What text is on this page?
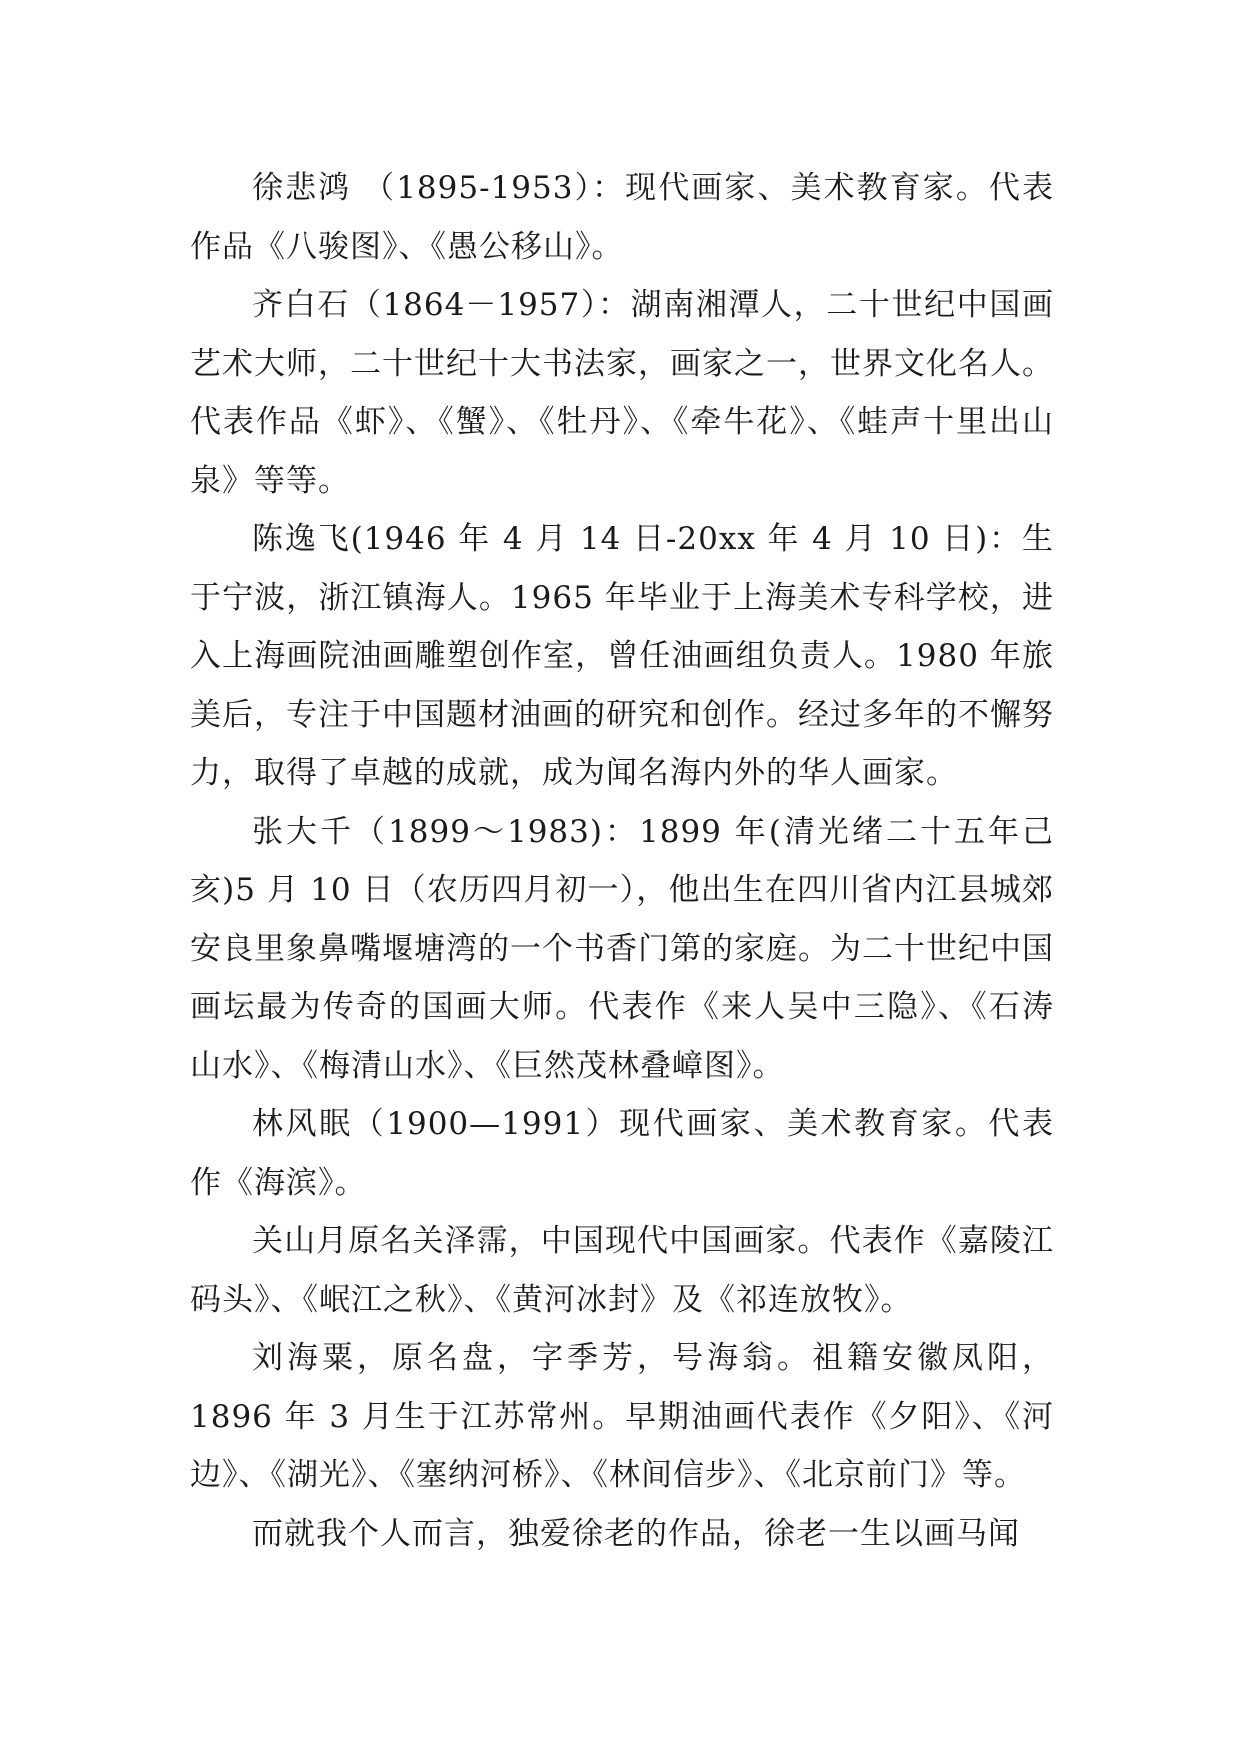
徐悲鸿 （1895-1953）：现代画家、美术教育家。代表作品《八骏图》、《愚公移山》。

齐白石（1864－1957）：湖南湘潭人，二十世纪中国画艺术大师，二十世纪十大书法家，画家之一，世界文化名人。代表作品《虾》、《蟹》、《牡丹》、《牵牛花》、《蛙声十里出山泉》等等。

陈逸飞(1946 年 4 月 14 日-20xx 年 4 月 10 日)：生于宁波，浙江镇海人。1965 年毕业于上海美术专科学校，进入上海画院油画雕塑创作室，曾任油画组负责人。1980 年旅美后，专注于中国题材油画的研究和创作。经过多年的不懈努力，取得了卓越的成就，成为闻名海内外的华人画家。

张大千（1899～1983)：1899 年(清光绪二十五年己亥)5 月 10 日（农历四月初一），他出生在四川省内江县城郊安良里象鼻嘴堰塘湾的一个书香门第的家庭。为二十世纪中国画坛最为传奇的国画大师。代表作《来人吴中三隐》、《石涛山水》、《梅清山水》、《巨然茂林叠嶂图》。

林风眠（1900—1991）现代画家、美术教育家。代表作《海滨》。

关山月原名关泽霈，中国现代中国画家。代表作《嘉陵江码头》、《岷江之秋》、《黄河冰封》及《祁连放牧》。

刘海粟，原名盘，字季芳，号海翁。祖籍安徽凤阳，1896 年 3 月生于江苏常州。早期油画代表作《夕阳》、《河边》、《湖光》、《塞纳河桥》、《林间信步》、《北京前门》等。

而就我个人而言，独爱徐老的作品，徐老一生以画马闻
